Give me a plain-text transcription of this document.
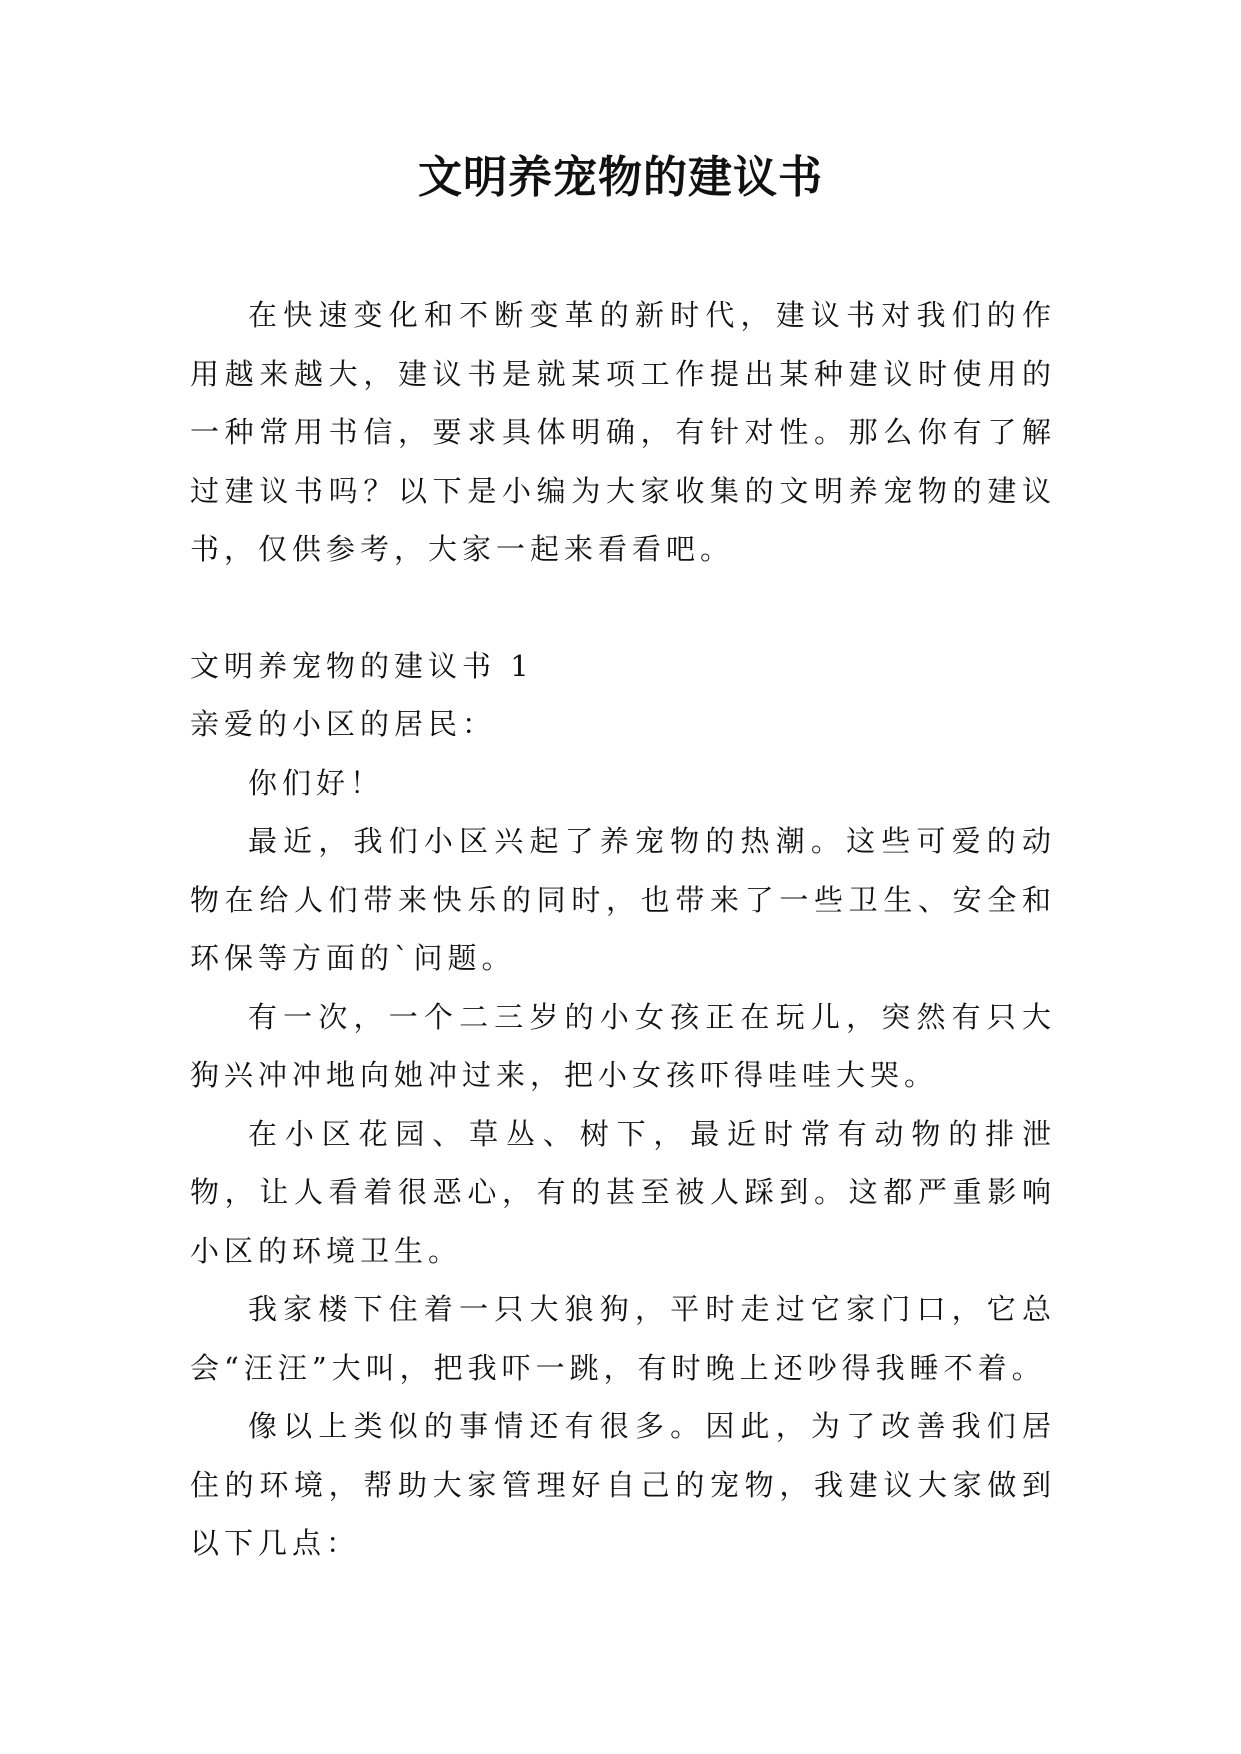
文明养宠物的建议书

在快速变化和不断变革的新时代，建议书对我们的作用越来越大，建议书是就某项工作提出某种建议时使用的一种常用书信，要求具体明确，有针对性。那么你有了解过建议书吗？以下是小编为大家收集的文明养宠物的建议书，仅供参考，大家一起来看看吧。

文明养宠物的建议书 1

亲爱的小区的居民：

你们好！

最近，我们小区兴起了养宠物的热潮。这些可爱的动物在给人们带来快乐的同时，也带来了一些卫生、安全和环保等方面的`问题。

有一次，一个二三岁的小女孩正在玩儿，突然有只大狗兴冲冲地向她冲过来，把小女孩吓得哇哇大哭。

在小区花园、草丛、树下，最近时常有动物的排泄物，让人看着很恶心，有的甚至被人踩到。这都严重影响小区的环境卫生。

我家楼下住着一只大狼狗，平时走过它家门口，它总会“汪汪”大叫，把我吓一跳，有时晚上还吵得我睡不着。

像以上类似的事情还有很多。因此，为了改善我们居住的环境，帮助大家管理好自己的宠物，我建议大家做到以下几点：
